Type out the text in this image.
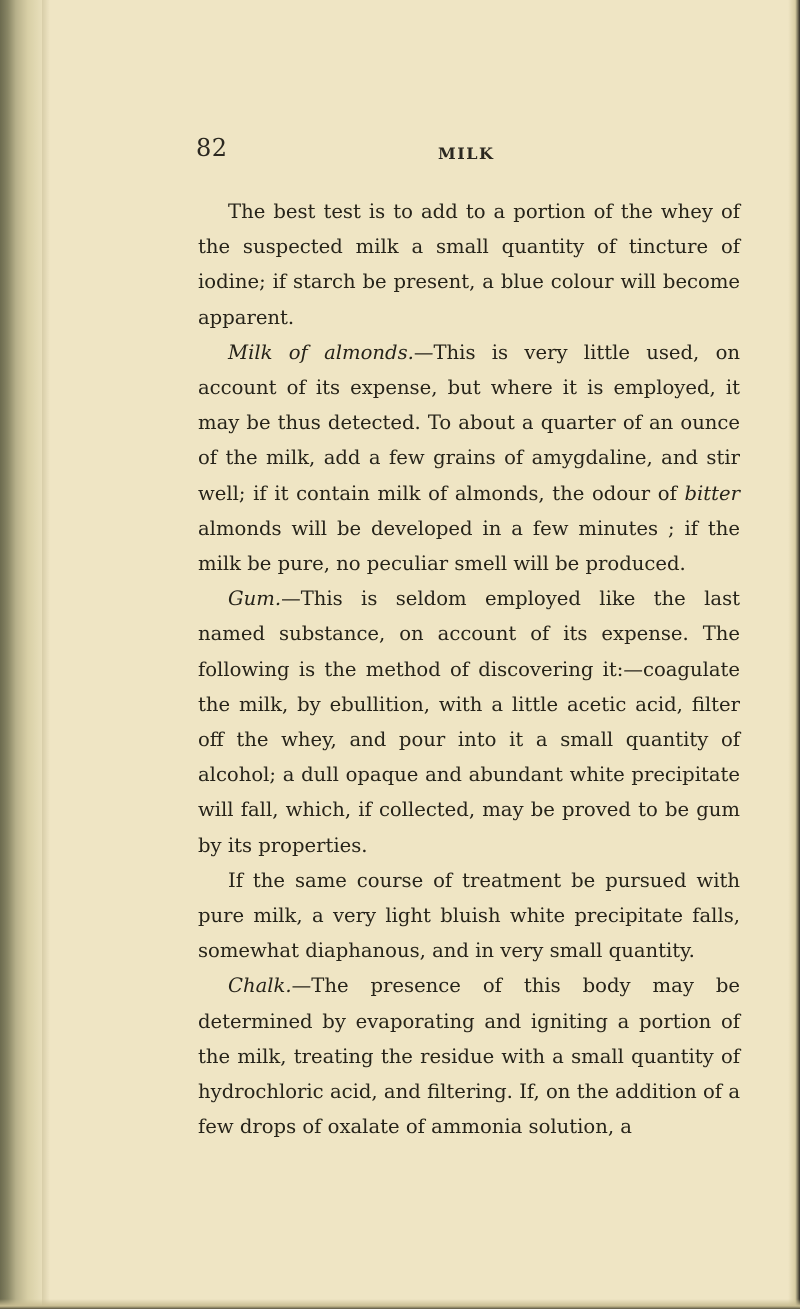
82	MILK

The best test is to add to a portion of the whey of the suspected milk a small quantity of tincture of iodine; if starch be present, a blue colour will become apparent.

Milk of almonds.—This is very little used, on account of its expense, but where it is employed, it may be thus detected. To about a quarter of an ounce of the milk, add a few grains of amygdaline, and stir well; if it contain milk of almonds, the odour of bitter almonds will be developed in a few minutes ; if the milk be pure, no peculiar smell will be produced.

Gum.—This is seldom employed like the last named substance, on account of its expense. The following is the method of discovering it:—coagulate the milk, by ebullition, with a little acetic acid, filter off the whey, and pour into it a small quantity of alcohol; a dull opaque and abundant white precipitate will fall, which, if collected, may be proved to be gum by its properties.

If the same course of treatment be pursued with pure milk, a very light bluish white precipitate falls, somewhat diaphanous, and in very small quantity.

Chalk.—The presence of this body may be determined by evaporating and igniting a portion of the milk, treating the residue with a small quantity of hydrochloric acid, and filtering. If, on the addition of a few drops of oxalate of ammonia solution, a
